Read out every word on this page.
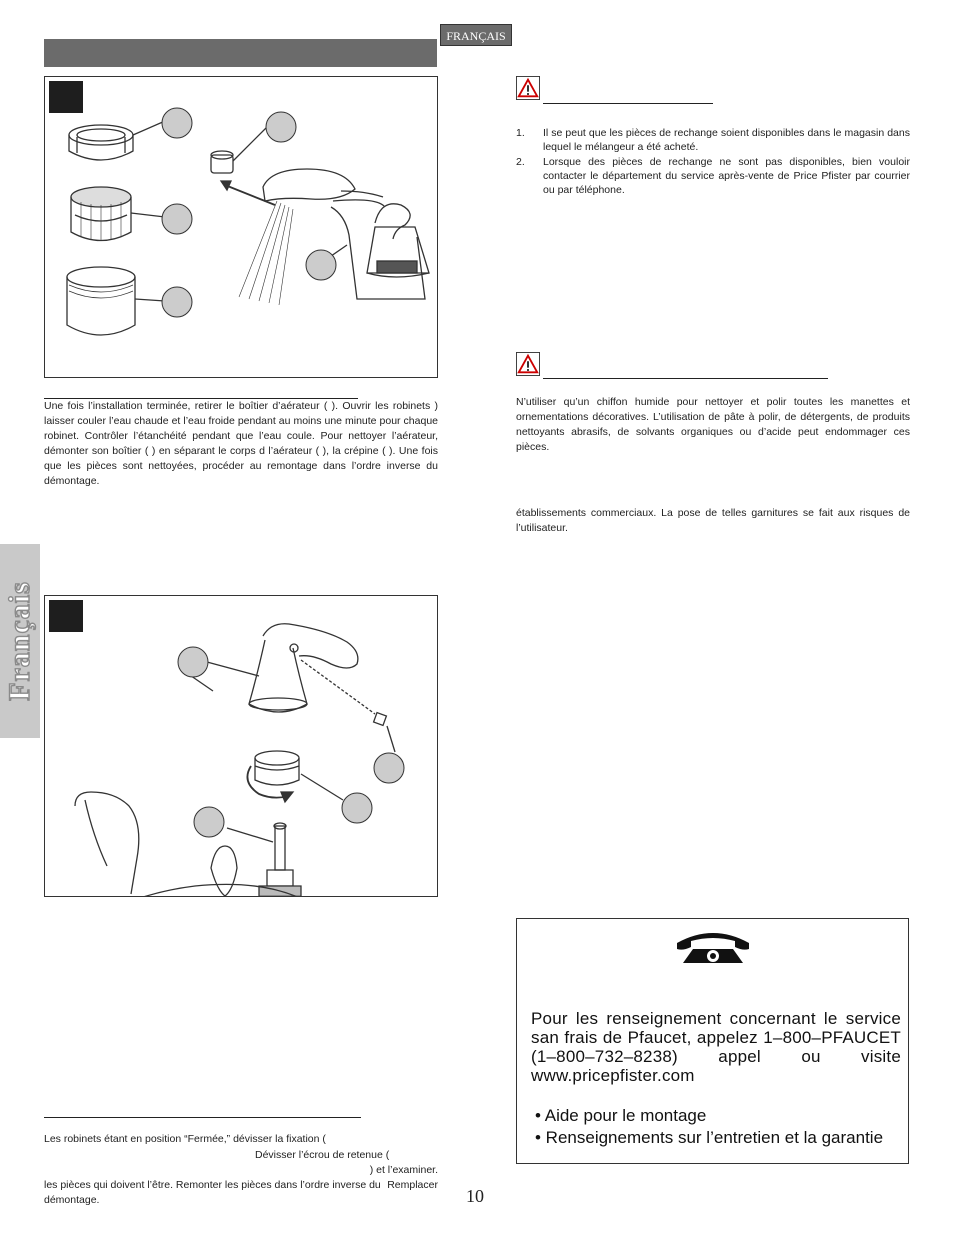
FRANÇAIS
Français
Une fois l’installation terminée, retirer le boîtier d’aérateur ( ). Ouvrir les robinets ) laisser couler l’eau chaude et l’eau froide pendant au moins une minute pour chaque robinet. Contrôler l’étanchéité pendant que l’eau coule. Pour nettoyer l’aérateur, démonter son boîtier ( ) en séparant le corps d l’aérateur ( ), la crépine ( ). Une fois que les pièces sont nettoyées, procéder au remontage dans l’ordre inverse du démontage.
Les robinets étant en position “Fermée,” dévisser la fixation (
Dévisser l’écrou de retenue (
) et l’examiner. Remplacer
les pièces qui doivent l’être. Remonter les pièces dans l’ordre inverse du démontage.
1. Il se peut que les pièces de rechange soient disponibles dans le magasin dans lequel le mélangeur a été acheté.
2. Lorsque des pièces de rechange ne sont pas disponibles, bien vouloir contacter le département du service après-vente de Price Pfister par courrier ou par téléphone.
N’utiliser qu’un chiffon humide pour nettoyer et polir toutes les manettes et ornementations décoratives. L’utilisation de pâte à polir, de détergents, de produits nettoyants abrasifs, de solvants organiques ou d’acide peut endommager ces pièces.
établissements commerciaux. La pose de telles garnitures se fait aux risques de l’utilisateur.
Pour les renseignement concernant le service san frais de Pfaucet, appelez 1–800–PFAUCET (1–800–732–8238) appel ou visite www.pricepfister.com
• Aide pour le montage
• Renseignements sur l’entretien et la garantie
10
